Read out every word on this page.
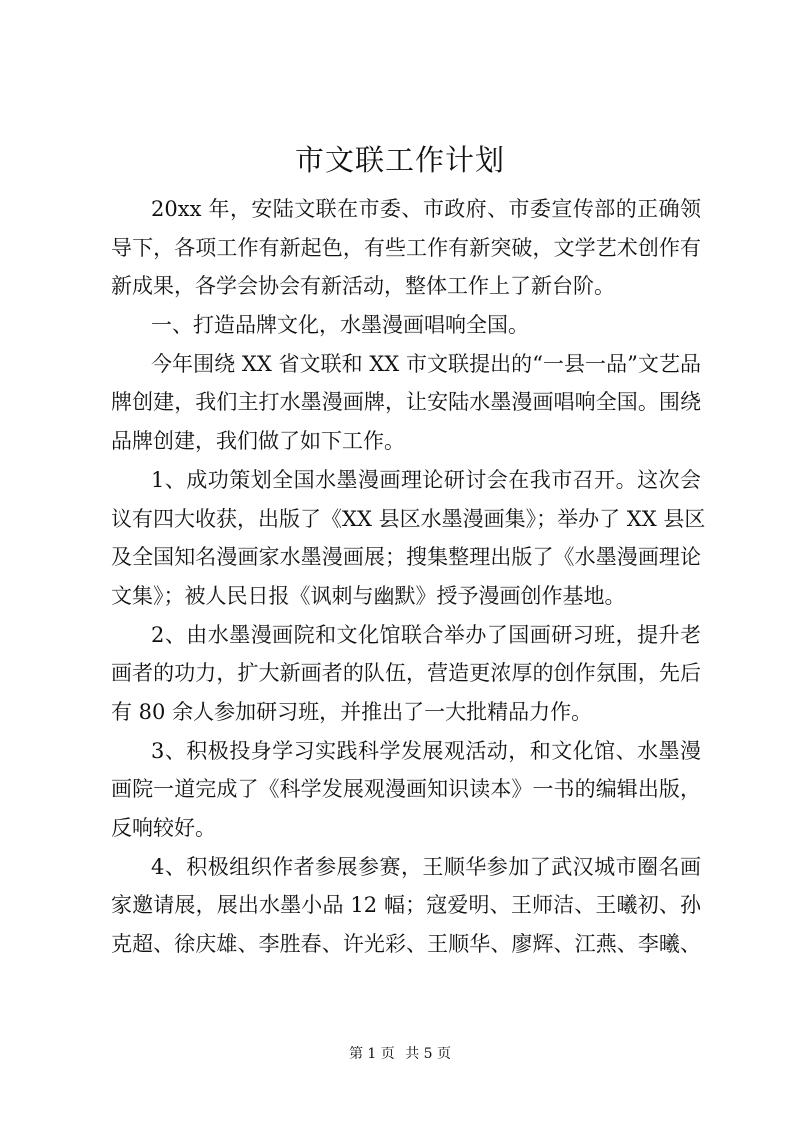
市文联工作计划
20xx 年，安陆文联在市委、市政府、市委宣传部的正确领
导下，各项工作有新起色，有些工作有新突破，文学艺术创作有
新成果，各学会协会有新活动，整体工作上了新台阶。
一、打造品牌文化，水墨漫画唱响全国。
今年围绕 XX 省文联和 XX 市文联提出的“一县一品”文艺品
牌创建，我们主打水墨漫画牌，让安陆水墨漫画唱响全国。围绕
品牌创建，我们做了如下工作。
1、成功策划全国水墨漫画理论研讨会在我市召开。这次会
议有四大收获，出版了《XX 县区水墨漫画集》；举办了 XX 县区
及全国知名漫画家水墨漫画展；搜集整理出版了《水墨漫画理论
文集》；被人民日报《讽刺与幽默》授予漫画创作基地。
2、由水墨漫画院和文化馆联合举办了国画研习班，提升老
画者的功力，扩大新画者的队伍，营造更浓厚的创作氛围，先后
有 80 余人参加研习班，并推出了一大批精品力作。
3、积极投身学习实践科学发展观活动，和文化馆、水墨漫
画院一道完成了《科学发展观漫画知识读本》一书的编辑出版，
反响较好。
4、积极组织作者参展参赛，王顺华参加了武汉城市圈名画
家邀请展，展出水墨小品 12 幅；寇爱明、王师洁、王曦初、孙
克超、徐庆雄、李胜春、许光彩、王顺华、廖辉、江燕、李曦、
第 1 页 共 5 页
